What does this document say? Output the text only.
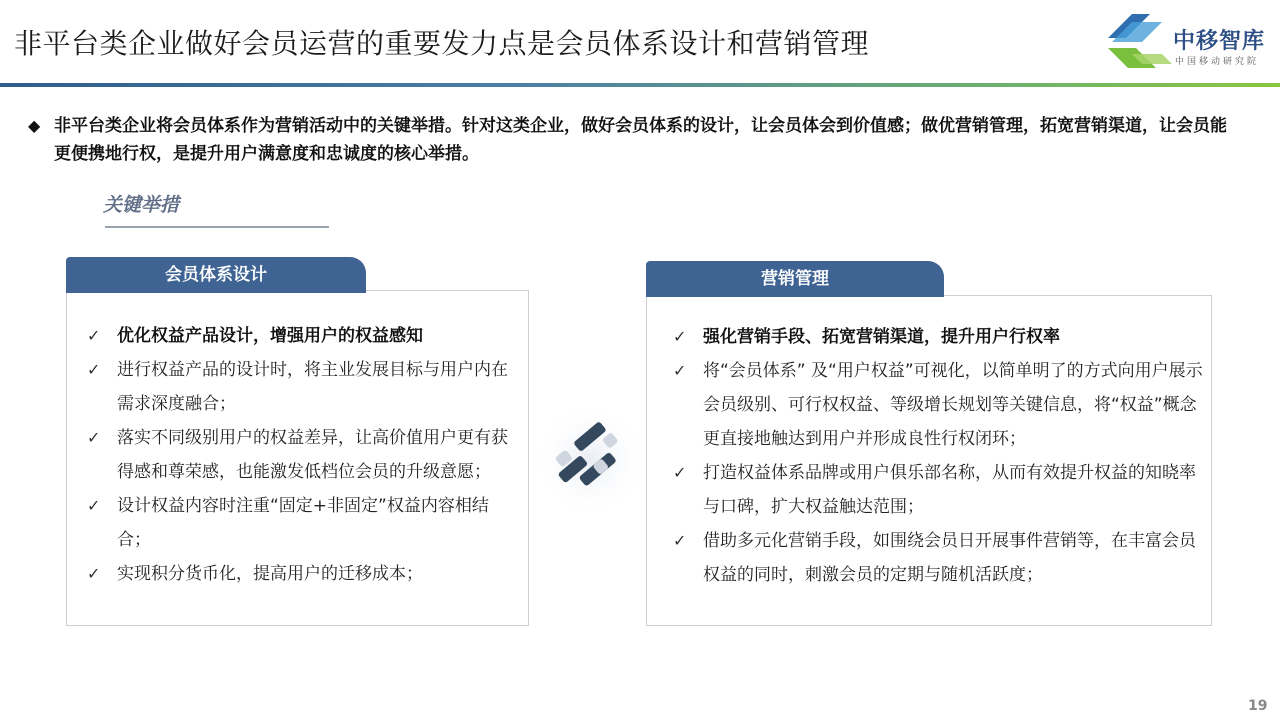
非平台类企业做好会员运营的重要发力点是会员体系设计和营销管理	中移智库
中国移动研究院
◆ 非平台类企业将会员体系作为营销活动中的关键举措。针对这类企业，做好会员体系的设计，让会员体会到价值感；做优营销管理，拓宽营销渠道，让会员能更便携地行权，是提升用户满意度和忠诚度的核心举措。
关键举措
✓ 优化权益产品设计，增强用户的权益感知
✓ 进行权益产品的设计时，将主业发展目标与用户内在需求深度融合；
✓ 落实不同级别用户的权益差异，让高价值用户更有获得感和尊荣感，也能激发低档位会员的升级意愿；
✓ 设计权益内容时注重“固定+非固定”权益内容相结合；
✓ 实现积分货币化，提高用户的迁移成本；
会员体系设计
✓ 强化营销手段、拓宽营销渠道，提升用户行权率
✓ 将“会员体系” 及“用户权益”可视化，以简单明了的方式向用户展示会员级别、可行权权益、等级增长规划等关键信息，将“权益”概念更直接地触达到用户并形成良性行权闭环；
✓ 打造权益体系品牌或用户俱乐部名称，从而有效提升权益的知晓率与口碑，扩大权益触达范围；
✓ 借助多元化营销手段，如围绕会员日开展事件营销等，在丰富会员权益的同时，刺激会员的定期与随机活跃度；
营销管理
19
